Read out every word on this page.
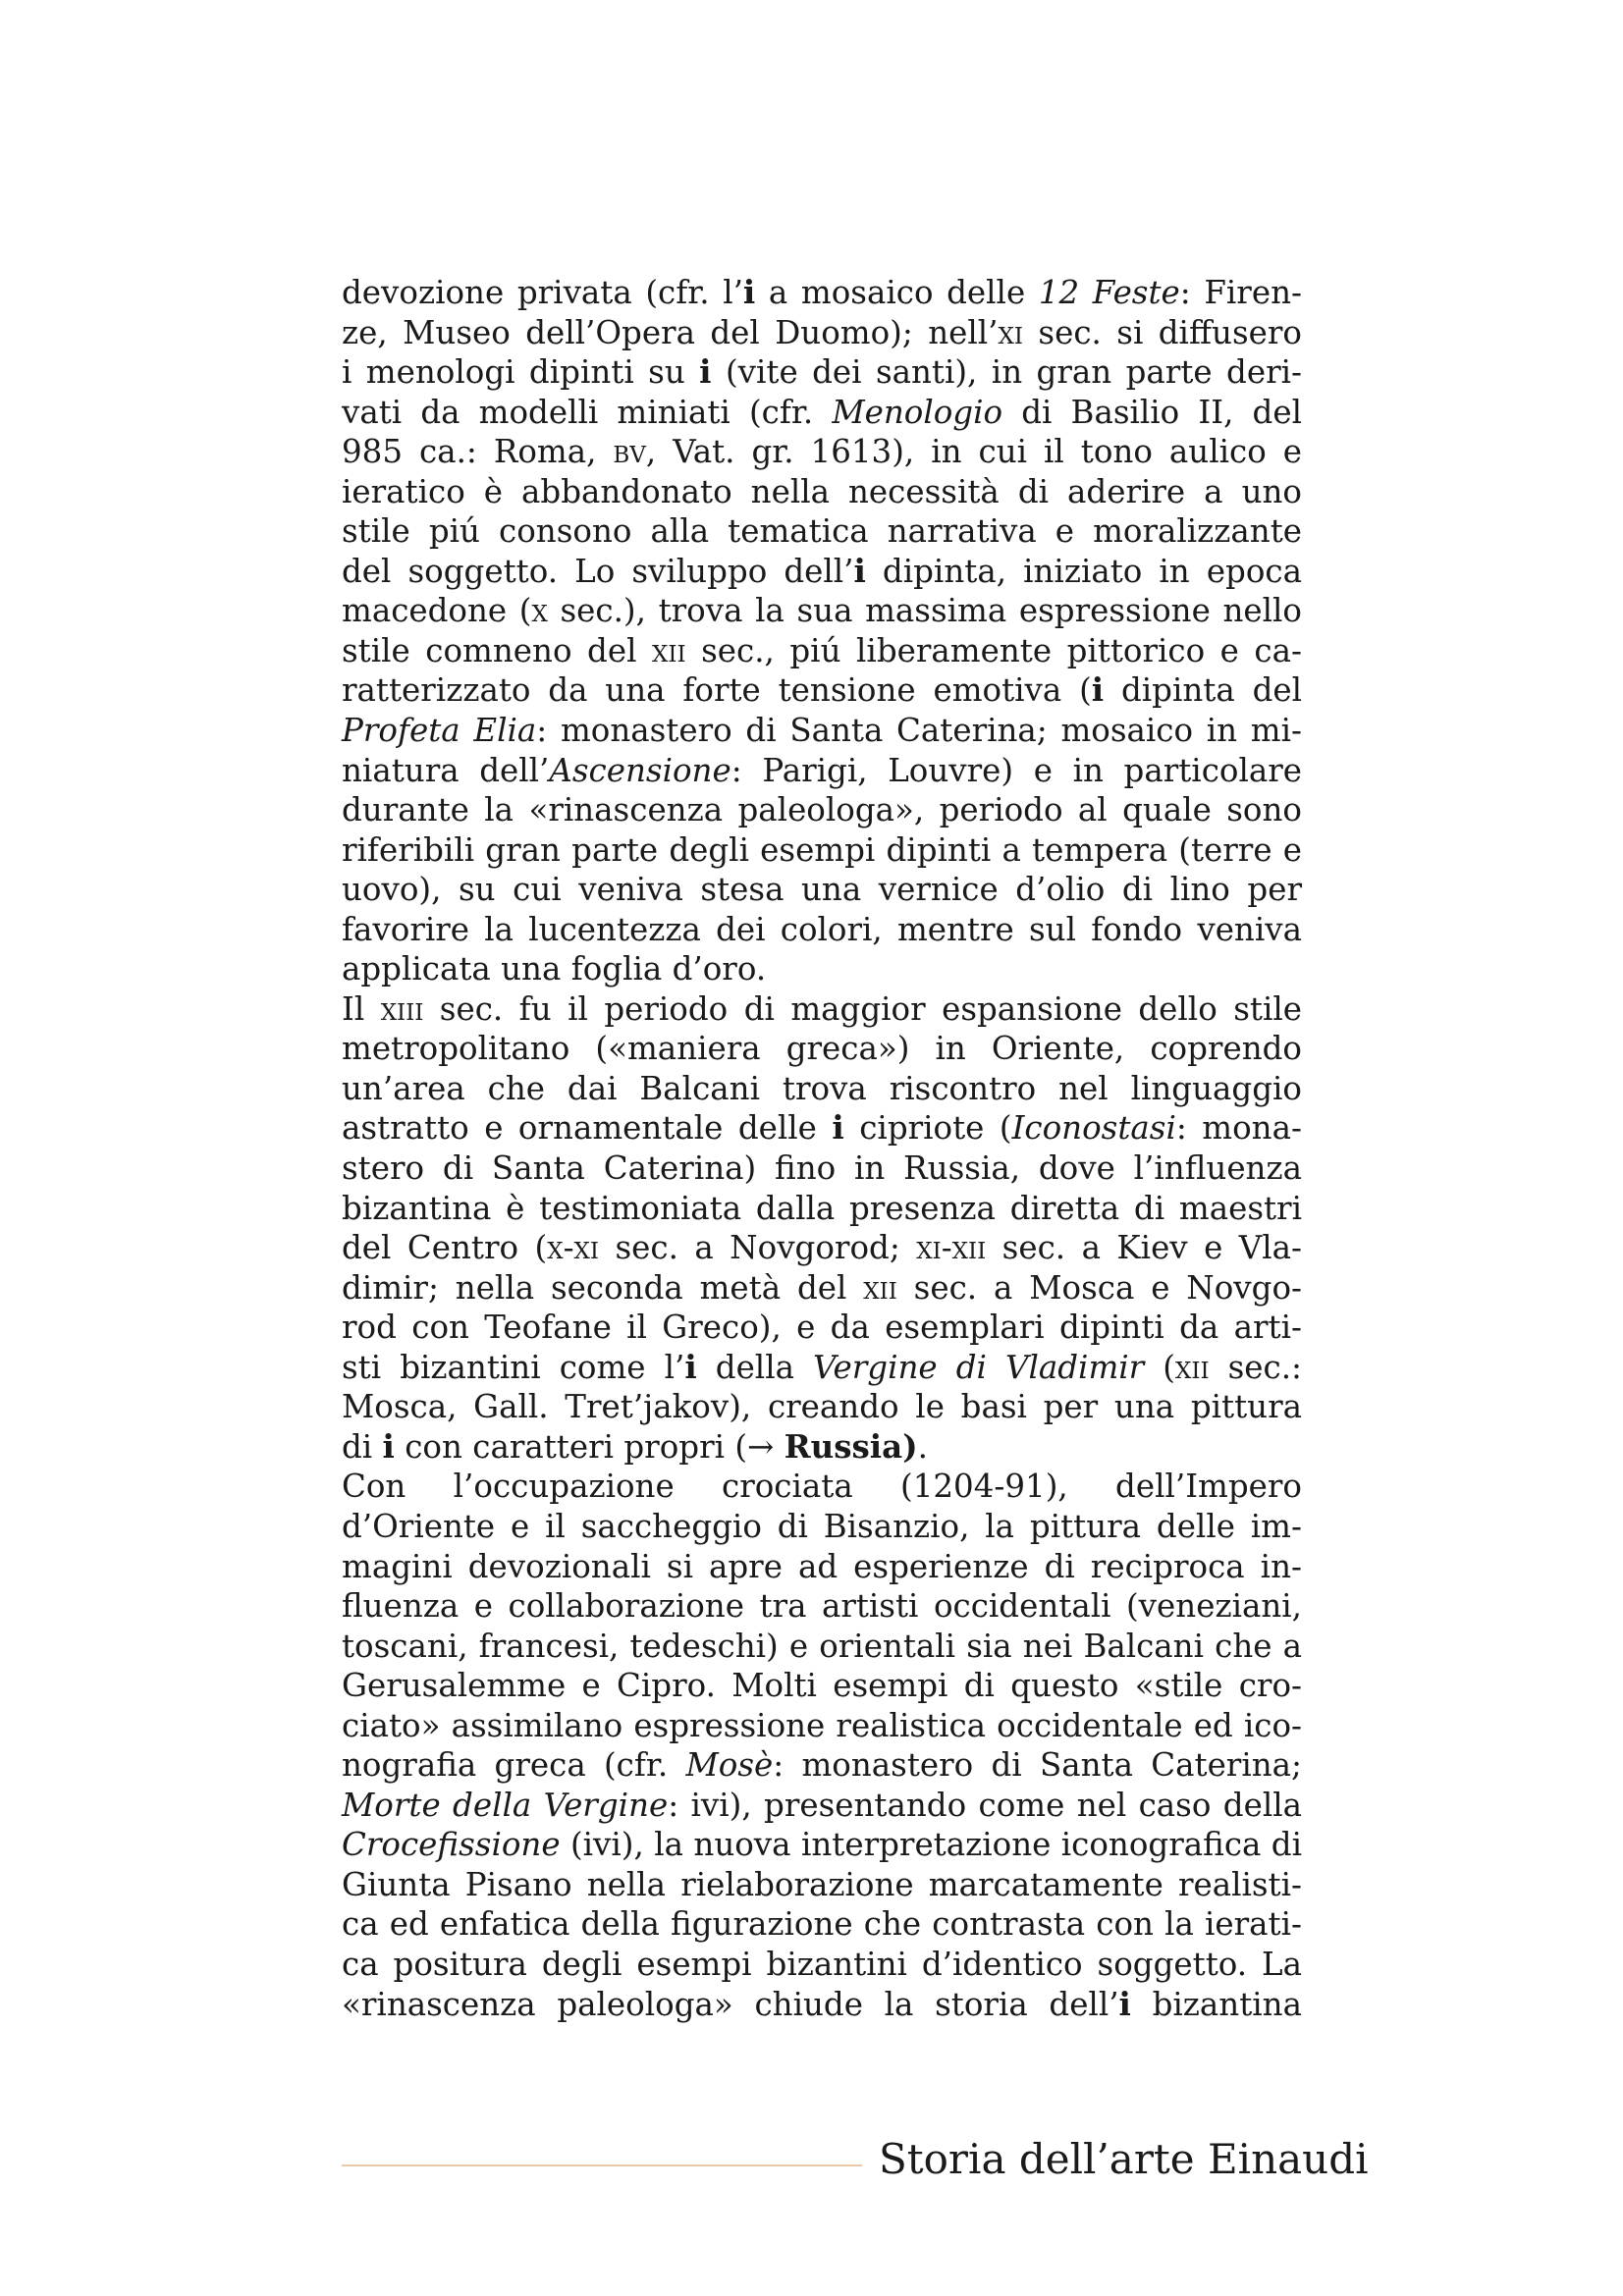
devozione privata (cfr. l’i a mosaico delle 12 Feste: Firen-
ze, Museo dell’Opera del Duomo); nell’xi sec. si diffusero
i menologi dipinti su i (vite dei santi), in gran parte deri-
vati da modelli miniati (cfr. Menologio di Basilio II, del
985 ca.: Roma, bv, Vat. gr. 1613), in cui il tono aulico e
ieratico è abbandonato nella necessità di aderire a uno
stile piú consono alla tematica narrativa e moralizzante
del soggetto. Lo sviluppo dell’i dipinta, iniziato in epoca
macedone (x sec.), trova la sua massima espressione nello
stile comneno del xii sec., piú liberamente pittorico e ca-
ratterizzato da una forte tensione emotiva (i dipinta del
Profeta Elia: monastero di Santa Caterina; mosaico in mi-
niatura dell’Ascensione: Parigi, Louvre) e in particolare
durante la «rinascenza paleologa», periodo al quale sono
riferibili gran parte degli esempi dipinti a tempera (terre e
uovo), su cui veniva stesa una vernice d’olio di lino per
favorire la lucentezza dei colori, mentre sul fondo veniva
applicata una foglia d’oro.
Il xiii sec. fu il periodo di maggior espansione dello stile
metropolitano («maniera greca») in Oriente, coprendo
un’area che dai Balcani trova riscontro nel linguaggio
astratto e ornamentale delle i cipriote (Iconostasi: mona-
stero di Santa Caterina) fino in Russia, dove l’influenza
bizantina è testimoniata dalla presenza diretta di maestri
del Centro (x-xi sec. a Novgorod; xi-xii sec. a Kiev e Vla-
dimir; nella seconda metà del xii sec. a Mosca e Novgo-
rod con Teofane il Greco), e da esemplari dipinti da arti-
sti bizantini come l’i della Vergine di Vladimir (xii sec.:
Mosca, Gall. Tret’jakov), creando le basi per una pittura
di i con caratteri propri (→ Russia).
Con l’occupazione crociata (1204-91), dell’Impero
d’Oriente e il saccheggio di Bisanzio, la pittura delle im-
magini devozionali si apre ad esperienze di reciproca in-
fluenza e collaborazione tra artisti occidentali (veneziani,
toscani, francesi, tedeschi) e orientali sia nei Balcani che a
Gerusalemme e Cipro. Molti esempi di questo «stile cro-
ciato» assimilano espressione realistica occidentale ed ico-
nografia greca (cfr. Mosè: monastero di Santa Caterina;
Morte della Vergine: ivi), presentando come nel caso della
Crocefissione (ivi), la nuova interpretazione iconografica di
Giunta Pisano nella rielaborazione marcatamente realisti-
ca ed enfatica della figurazione che contrasta con la ierati-
ca positura degli esempi bizantini d’identico soggetto. La
«rinascenza paleologa» chiude la storia dell’i bizantina
Storia dell’arte Einaudi
